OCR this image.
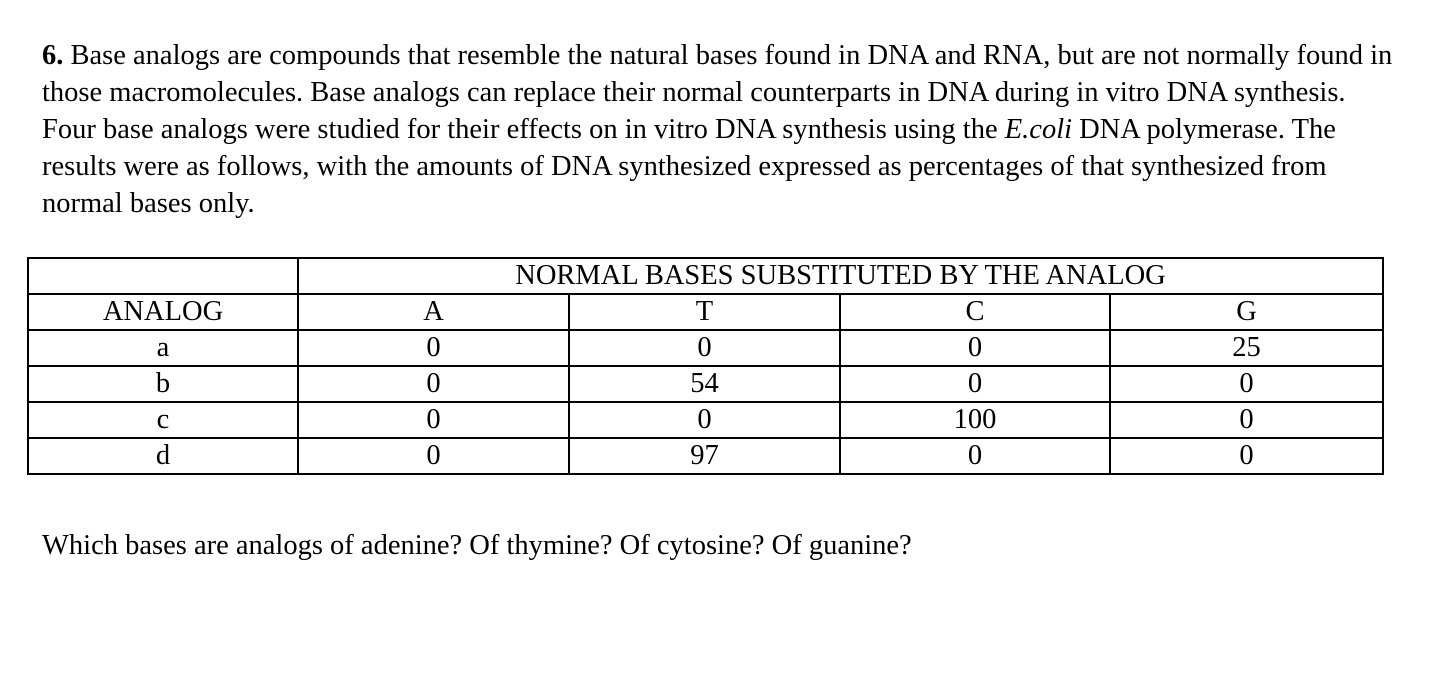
6. Base analogs are compounds that resemble the natural bases found in DNA and RNA, but are not normally found in those macromolecules. Base analogs can replace their normal counterparts in DNA during in vitro DNA synthesis. Four base analogs were studied for their effects on in vitro DNA synthesis using the E.coli DNA polymerase. The results were as follows, with the amounts of DNA synthesized expressed as percentages of that synthesized from normal bases only.

	NORMAL BASES SUBSTITUTED BY THE ANALOG			
ANALOG	A	T	C	G
a	0	0	0	25
b	0	54	0	0
c	0	0	100	0
d	0	97	0	0

Which bases are analogs of adenine? Of thymine? Of cytosine? Of guanine?
